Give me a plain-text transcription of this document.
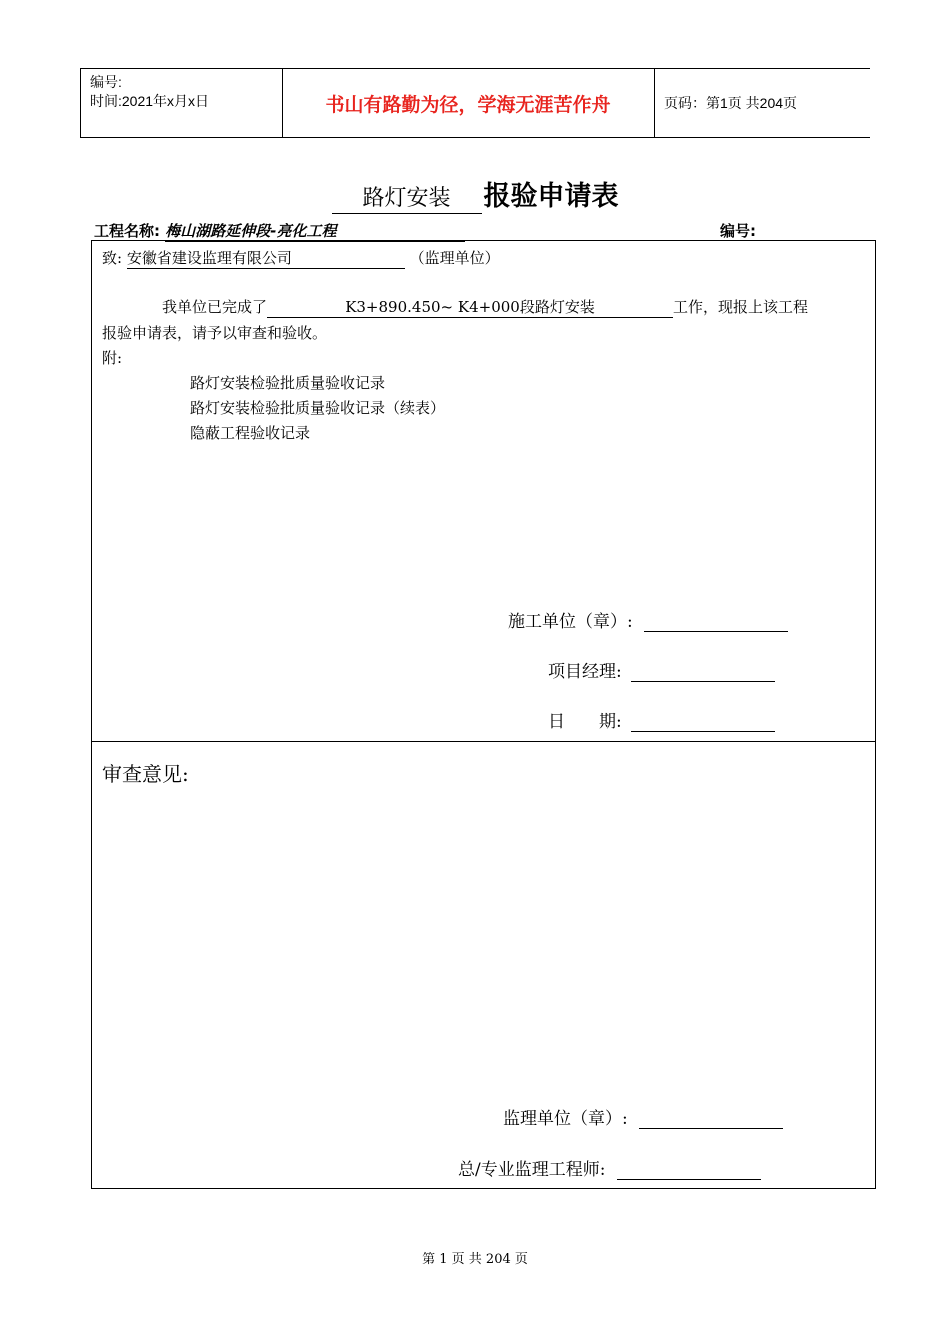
编号:
时间:2021年x月x日	书山有路勤为径，学海无涯苦作舟	页码：第1页 共204页
路灯安装 报验申请表
工程名称: 梅山湖路延伸段-亮化工程	编号:
致: 安徽省建设监理有限公司	（监理单位）
我单位已完成了	K3+890.450~ K4+000段路灯安装	工作，现报上该工程
报验申请表，请予以审查和验收。
附:
路灯安装检验批质量验收记录
路灯安装检验批质量验收记录（续表）
隐蔽工程验收记录
施工单位（章）:
项目经理:
日　　期:
审查意见:
监理单位（章）:
总/专业监理工程师:
第 1 页 共 204 页
